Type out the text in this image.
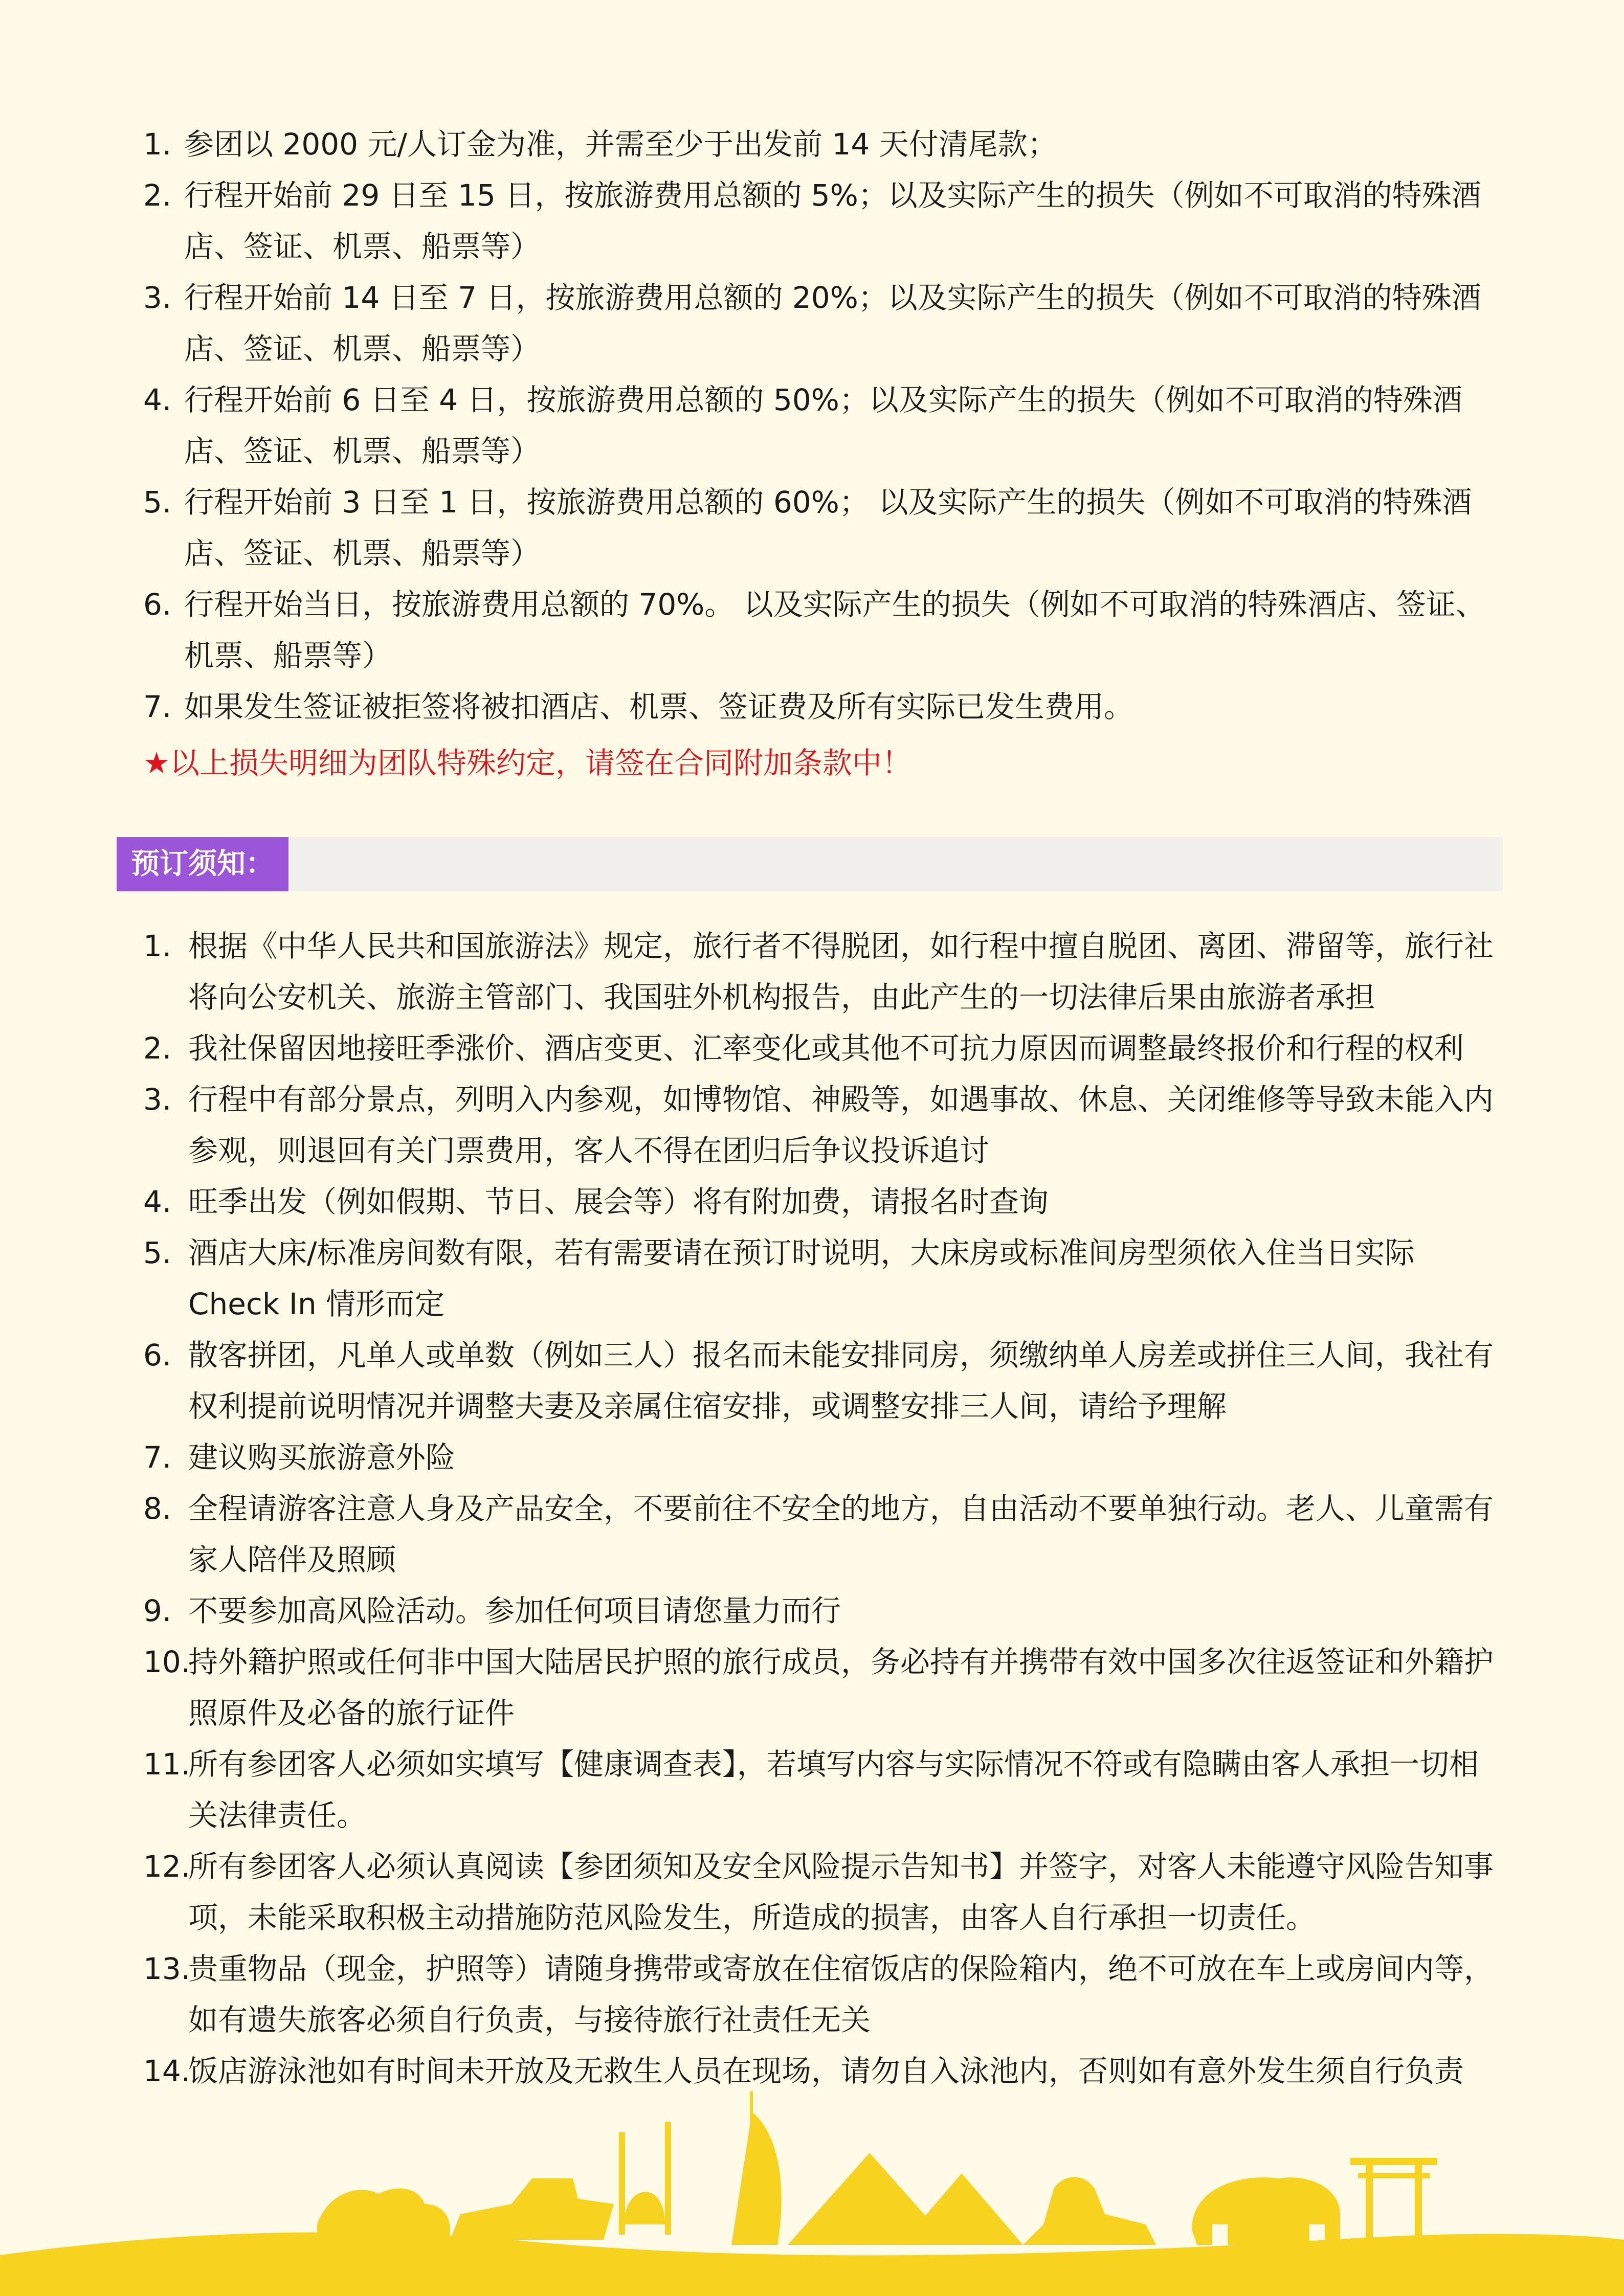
1. 参团以 2000 元/人订金为准，并需至少于出发前 14 天付清尾款；
2. 行程开始前 29 日至 15 日，按旅游费用总额的 5%；以及实际产生的损失（例如不可取消的特殊酒店、签证、机票、船票等）
3. 行程开始前 14 日至 7 日，按旅游费用总额的 20%；以及实际产生的损失（例如不可取消的特殊酒店、签证、机票、船票等）
4. 行程开始前 6 日至 4 日，按旅游费用总额的 50%；以及实际产生的损失（例如不可取消的特殊酒店、签证、机票、船票等）
5. 行程开始前 3 日至 1 日，按旅游费用总额的 60%； 以及实际产生的损失（例如不可取消的特殊酒店、签证、机票、船票等）
6. 行程开始当日，按旅游费用总额的 70%。 以及实际产生的损失（例如不可取消的特殊酒店、签证、机票、船票等）
7. 如果发生签证被拒签将被扣酒店、机票、签证费及所有实际已发生费用。
★以上损失明细为团队特殊约定，请签在合同附加条款中！
预订须知：
1. 根据《中华人民共和国旅游法》规定，旅行者不得脱团，如行程中擅自脱团、离团、滞留等，旅行社将向公安机关、旅游主管部门、我国驻外机构报告，由此产生的一切法律后果由旅游者承担
2. 我社保留因地接旺季涨价、酒店变更、汇率变化或其他不可抗力原因而调整最终报价和行程的权利
3. 行程中有部分景点，列明入内参观，如博物馆、神殿等，如遇事故、休息、关闭维修等导致未能入内参观，则退回有关门票费用，客人不得在团归后争议投诉追讨
4. 旺季出发（例如假期、节日、展会等）将有附加费，请报名时查询
5. 酒店大床/标准房间数有限，若有需要请在预订时说明，大床房或标准间房型须依入住当日实际 Check In 情形而定
6. 散客拼团，凡单人或单数（例如三人）报名而未能安排同房，须缴纳单人房差或拼住三人间，我社有权利提前说明情况并调整夫妻及亲属住宿安排，或调整安排三人间，请给予理解
7. 建议购买旅游意外险
8. 全程请游客注意人身及产品安全，不要前往不安全的地方，自由活动不要单独行动。老人、儿童需有家人陪伴及照顾
9. 不要参加高风险活动。参加任何项目请您量力而行
10.
持外籍护照或任何非中国大陆居民护照的旅行成员，务必持有并携带有效中国多次往返签证和外籍护照原件及必备的旅行证件
11.
所有参团客人必须如实填写【健康调查表】，若填写内容与实际情况不符或有隐瞒由客人承担一切相关法律责任。
12.
所有参团客人必须认真阅读【参团须知及安全风险提示告知书】并签字，对客人未能遵守风险告知事项，未能采取积极主动措施防范风险发生，所造成的损害，由客人自行承担一切责任。
13.
贵重物品（现金，护照等）请随身携带或寄放在住宿饭店的保险箱内，绝不可放在车上或房间内等，如有遗失旅客必须自行负责，与接待旅行社责任无关
14.
饭店游泳池如有时间未开放及无救生人员在现场，请勿自入泳池内，否则如有意外发生须自行负责
